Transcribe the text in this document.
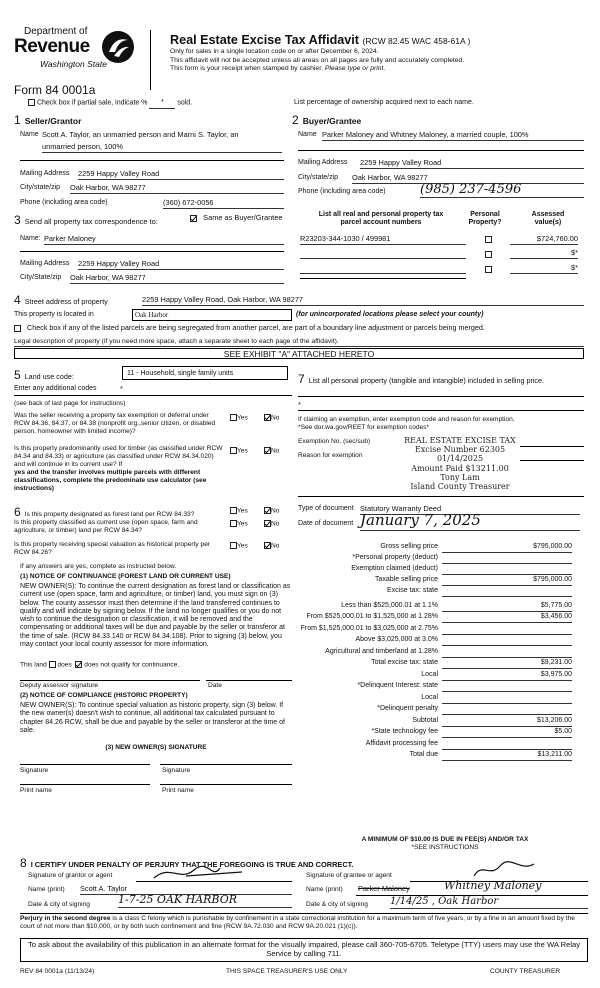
Department of
Revenue
Washington State
Form 84 0001a
Real Estate Excise Tax Affidavit (RCW 82.45 WAC 458-61A )
Only for sales in a single location code on or after December 6, 2024.
This affidavit will not be accepted unless all areas on all pages are fully and accurately completed.
This form is your receipt when stamped by cashier. Please type or print.
Check box if partial sale, indicate % * sold.	List percentage of ownership acquired next to each name.
1 Seller/Grantor
Name Scott A. Taylor, an unmarried person and Marni S. Taylor, an
unmarried person, 100%
Mailing Address 2259 Happy Valley Road
City/state/zip Oak Harbor, WA 98277
Phone (including area code)	(360) 672-0056
2 Buyer/Grantee
Name Parker Maloney and Whitney Maloney, a married couple, 100%
Mailing Address 2259 Happy Valley Road
City/state/zip Oak Harbor, WA 98277
Phone (including area code)	(985) 237-4596
3 Send all property tax correspondence to:	Same as Buyer/Grantee
Name: Parker Maloney
Mailing Address 2259 Happy Valley Road
City/State/zip Oak Harbor, WA 98277
List all real and personal property tax
parcel account numbers
Personal
Property?
Assessed
value(s)
R23203-344-1030 / 499981	$724,760.00
$*
$*
4 Street address of property	2259 Happy Valley Road, Oak Harbor, WA 98277
This property is located in	Oak Harbor	(for unincorporated locations please select your county)
Check box if any of the listed parcels are being segregated from another parcel, are part of a boundary line adjustment or parcels being merged.
Legal description of property (if you need more space, attach a separate sheet to each page of the affidavit).
SEE EXHIBIT "A" ATTACHED HERETO
5 Land use code:	11 - Household, single family units
Enter any additional codes	*
(see back of last page for instructions)
Was the seller receiving a property tax exemption or deferral under RCW 84.36, 84.37, or 84.38 (nonprofit org.,senior citizen, or disabled person, homeowner with limited income)?
Yes	No
Is this property predominantly used for timber (as classified under RCW 84.34 and 84.33) or agriculture (as classified under RCW 84.34.020) and will continue in its current use? If
yes and the transfer involves multiple parcels with different classifications, complete the predominate use calculator (see instructions)
Yes	No
6 Is this property designated as forest land per RCW 84.33?
Yes	No
Is this property classified as current use (open space, farm and agriculture, or timber) land per RCW 84.34?
Yes	No
Is this property receiving special valuation as historical property per RCW 84.26?
Yes	No
If any answers are yes, complete as instructed below.
(1) NOTICE OF CONTINUANCE (FOREST LAND OR CURRENT USE)
NEW OWNER(S): To continue the current designation as forest land or classification as current use (open space, farm and agriculture, or timber) land, you must sign on (3) below. The county assessor must then determine if the land transferred continues to qualify and will indicate by signing below. If the land no longer qualifies or you do not wish to continue the designation or classification, it will be removed and the compensating or additional taxes will be due and payable by the seller or transferor at the time of sale. (RCW 84.33.140 or RCW 84.34.108). Prior to signing (3) below, you may contact your local county assessor for more information.
This land does does not qualify for continuance.
Deputy assessor signature	Date
(2) NOTICE OF COMPLIANCE (HISTORIC PROPERTY)
NEW OWNER(S): To continue special valuation as historic property, sign (3) below. If the new owner(s) doesn't wish to continue, all additional tax calculated pursuant to chapter 84.26 RCW, shall be due and payable by the seller or transferor at the time of sale.
(3) NEW OWNER(S) SIGNATURE
Signature	Signature
Print name	Print name
7 List all personal property (tangible and intangible) included in selling price.
*
If claiming an exemption, enter exemption code and reason for exemption.
*See dor.wa.gov/REET for exemption codes*
Exemption No. (sec/sub)
Reason for exemption
REAL ESTATE EXCISE TAX
Excise Number 62305
01/14/2025
Amount Paid $13211.00
Tony Lam
Island County Treasurer
Type of document Statutory Warranty Deed
Date of document January 7, 2025
Gross selling price	$795,000.00
*Personal property (deduct)
Exemption claimed (deduct)
Taxable selling price	$795,000.00
Excise tax: state
Less than $525,000.01 at 1.1%	$5,775.00
From $525,000.01 to $1,525,000 at 1.28%	$3,456.00
From $1,525,000.01 to $3,025,000 at 2.75%
Above $3,025,000 at 3.0%
Agricultural and timberland at 1.28%
Total excise tax: state	$9,231.00
Local	$3,975.00
*Delinquent Interest: state
Local
*Delinquent penalty
Subtotal	$13,206.00
*State technology fee	$5.00
Affidavit processing fee
Total due	$13,211.00
A MINIMUM OF $10.00 IS DUE IN FEE(S) AND/OR TAX
*SEE INSTRUCTIONS
8 I CERTIFY UNDER PENALTY OF PERJURY THAT THE FOREGOING IS TRUE AND CORRECT.
Signature of grantor or agent
Name (print) Scott A. Taylor
Date & city of signing	1-7-25 OAK HARBOR
Signature of grantee or agent
Name (print) Parker Maloney	Whitney Maloney
Date & city of signing 1/14/25 , Oak Harbor
Perjury in the second degree is a class C felony which is punishable by confinement in a state correctional institution for a maximum term of five years, or by a fine in an amount fixed by the court of not more than $10,000, or by both such confinement and fine (RCW 9A.72.030 and RCW 9A.20.021 (1)(c)).
To ask about the availability of this publication in an alternate format for the visually impaired, please call 360-705-6705. Teletype (TTY) users may use the WA Relay Service by calling 711.
REV 84 0001a (11/13/24)	THIS SPACE TREASURER'S USE ONLY	COUNTY TREASURER
